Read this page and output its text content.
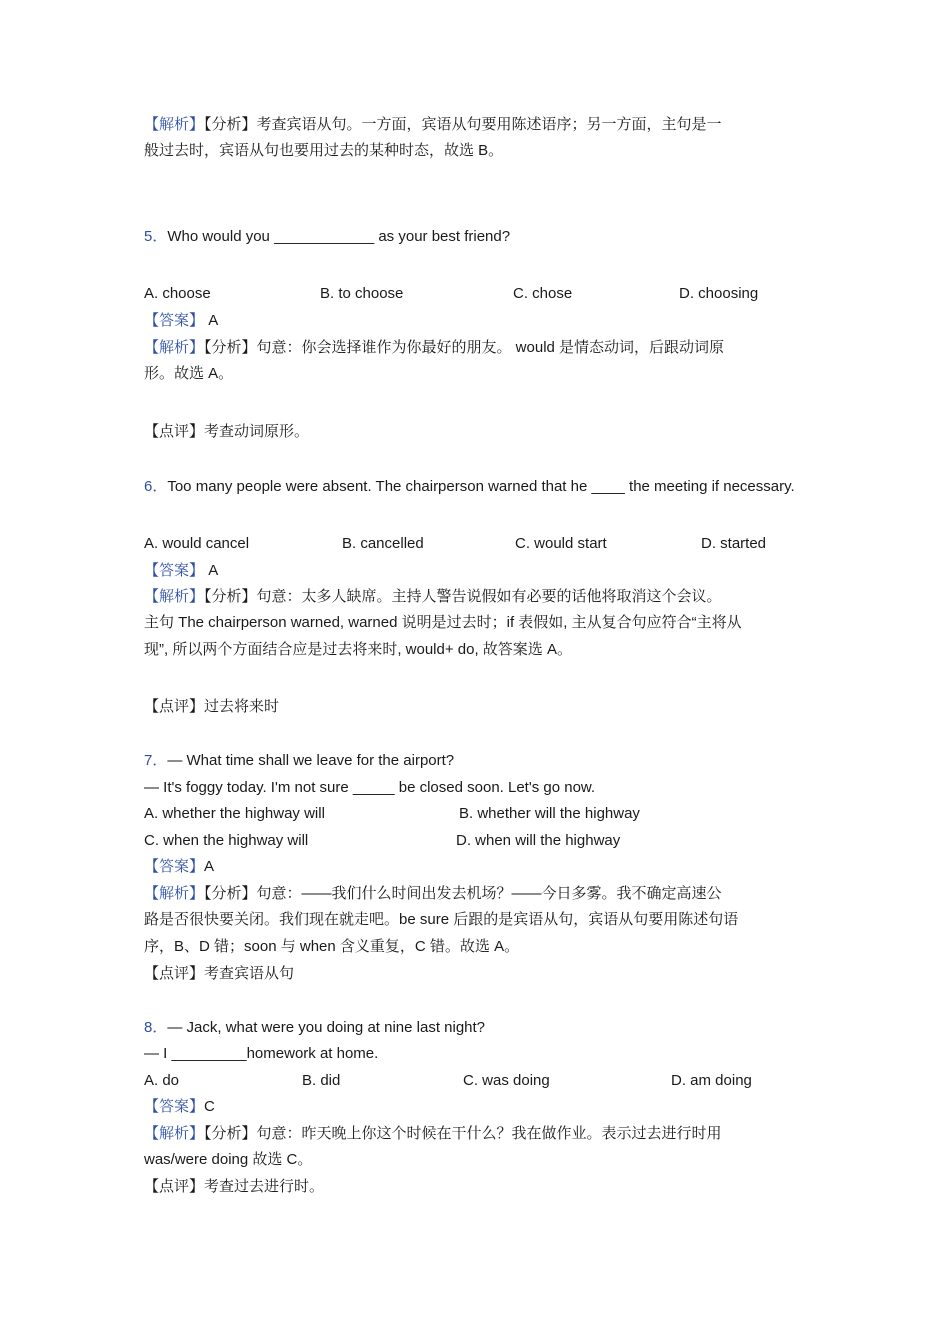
【解析】【分析】考查宾语从句。一方面，宾语从句要用陈述语序；另一方面，主句是一
般过去时，宾语从句也要用过去的某种时态，故选 B。
5．Who would you ____________ as your best friend?
A. choose	B. to choose	C. chose	D. choosing
【答案】 A
【解析】【分析】句意：你会选择谁作为你最好的朋友。 would 是情态动词，后跟动词原
形。故选 A。
【点评】考查动词原形。
6．Too many people were absent. The chairperson warned that he ____ the meeting if necessary.
A. would cancel	B. cancelled	C. would start	D. started
【答案】 A
【解析】【分析】句意：太多人缺席。主持人警告说假如有必要的话他将取消这个会议。
主句 The chairperson warned, warned 说明是过去时；if 表假如, 主从复合句应符合“主将从
现”, 所以两个方面结合应是过去将来时, would+ do, 故答案选 A。
【点评】过去将来时
7．— What time shall we leave for the airport?
— It's foggy today. I'm not sure _____ be closed soon. Let's go now.
A. whether the highway will	B. whether will the highway
C. when the highway will	D. when will the highway
【答案】A
【解析】【分析】句意：——我们什么时间出发去机场？——今日多雾。我不确定高速公
路是否很快要关闭。我们现在就走吧。be sure 后跟的是宾语从句，宾语从句要用陈述句语
序，B、D 错；soon 与 when 含义重复，C 错。故选 A。
【点评】考查宾语从句
8．— Jack, what were you doing at nine last night?
— I _________homework at home.
A. do	B. did	C. was doing	D. am doing
【答案】C
【解析】【分析】句意：昨天晚上你这个时候在干什么？我在做作业。表示过去进行时用
was/were doing 故选 C。
【点评】考查过去进行时。
